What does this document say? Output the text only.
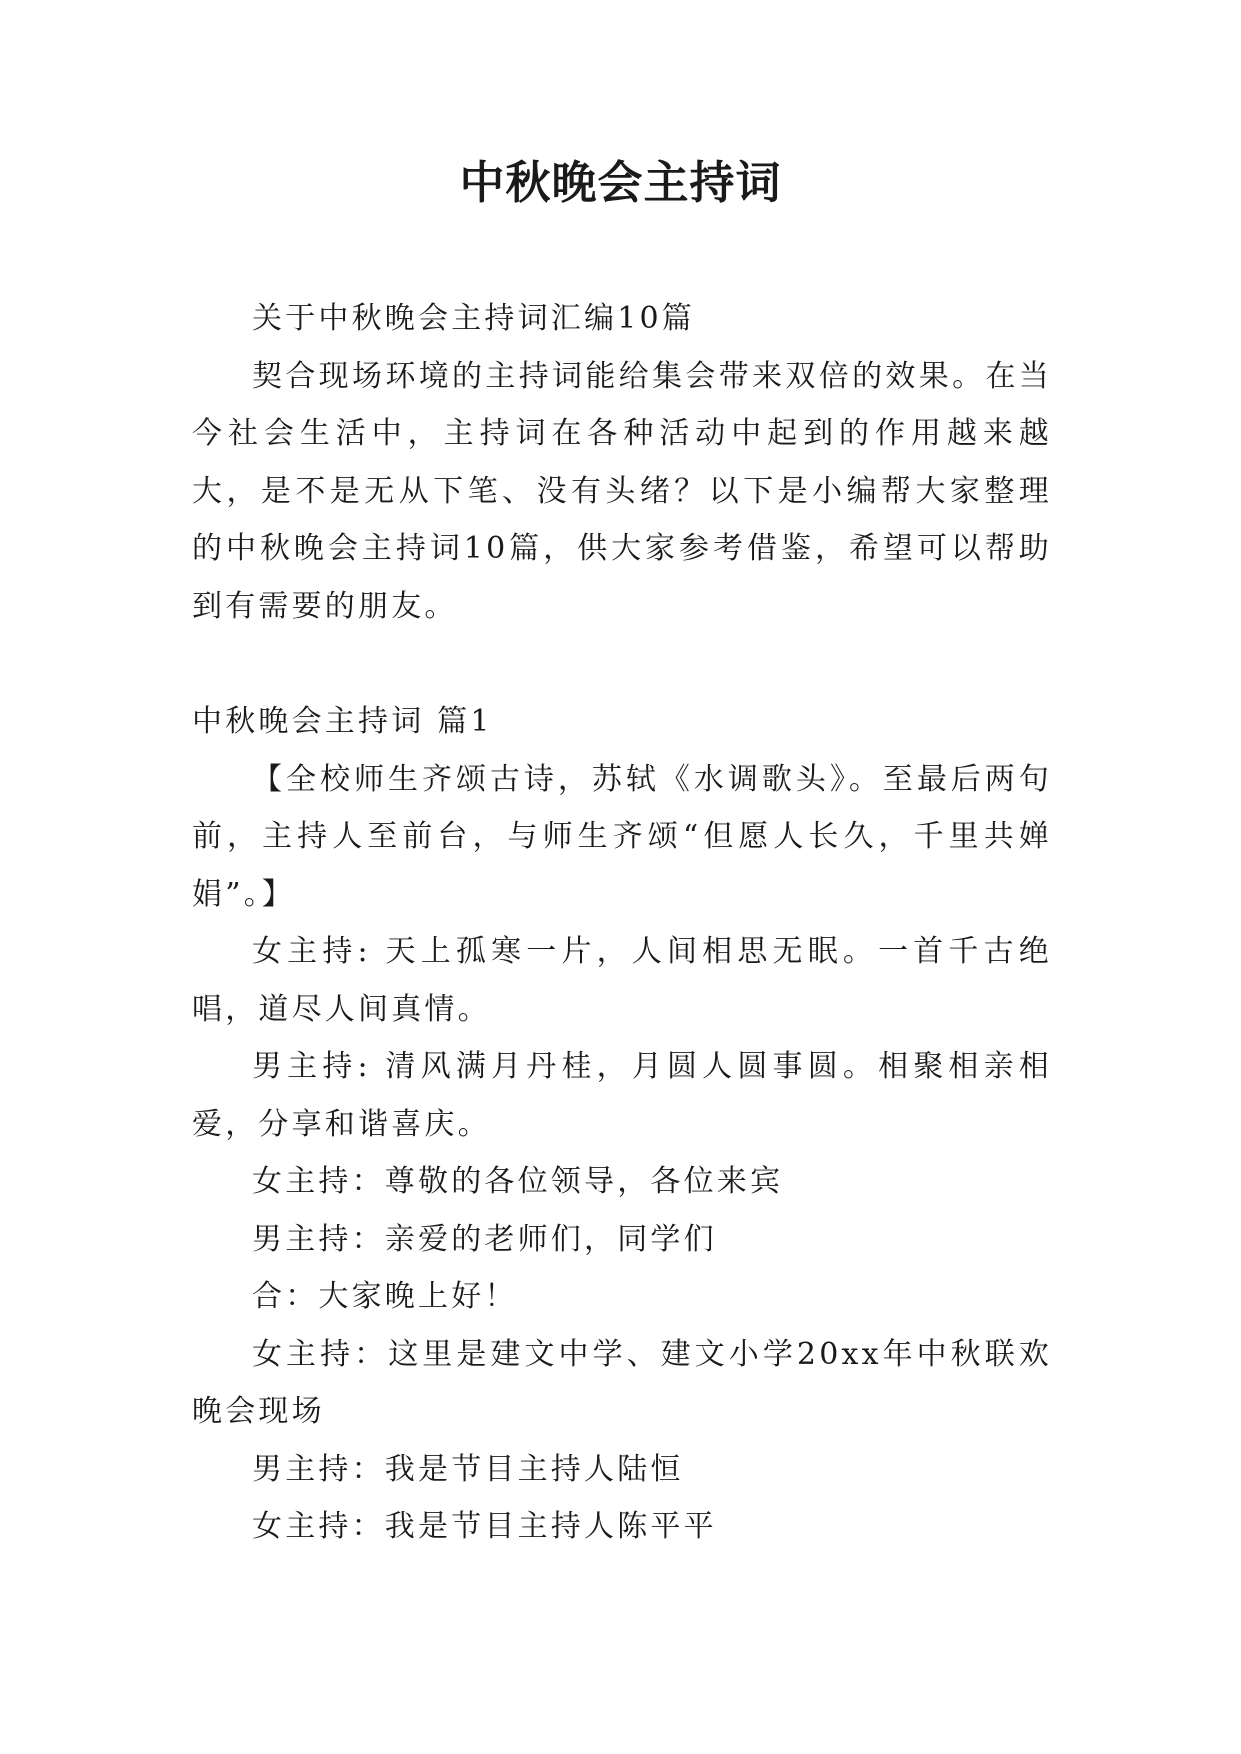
中秋晚会主持词

关于中秋晚会主持词汇编10篇

契合现场环境的主持词能给集会带来双倍的效果。在当今社会生活中，主持词在各种活动中起到的作用越来越大，是不是无从下笔、没有头绪？以下是小编帮大家整理的中秋晚会主持词10篇，供大家参考借鉴，希望可以帮助到有需要的朋友。

中秋晚会主持词 篇1

【全校师生齐颂古诗，苏轼《水调歌头》。至最后两句前，主持人至前台，与师生齐颂“但愿人长久，千里共婵娟”。】

女主持: 天上孤寒一片，人间相思无眠。一首千古绝唱，道尽人间真情。

男主持: 清风满月丹桂，月圆人圆事圆。相聚相亲相爱，分享和谐喜庆。

女主持：尊敬的各位领导，各位来宾

男主持：亲爱的老师们，同学们

合：大家晚上好！

女主持：这里是建文中学、建文小学20xx年中秋联欢晚会现场

男主持：我是节目主持人陆恒

女主持：我是节目主持人陈平平
